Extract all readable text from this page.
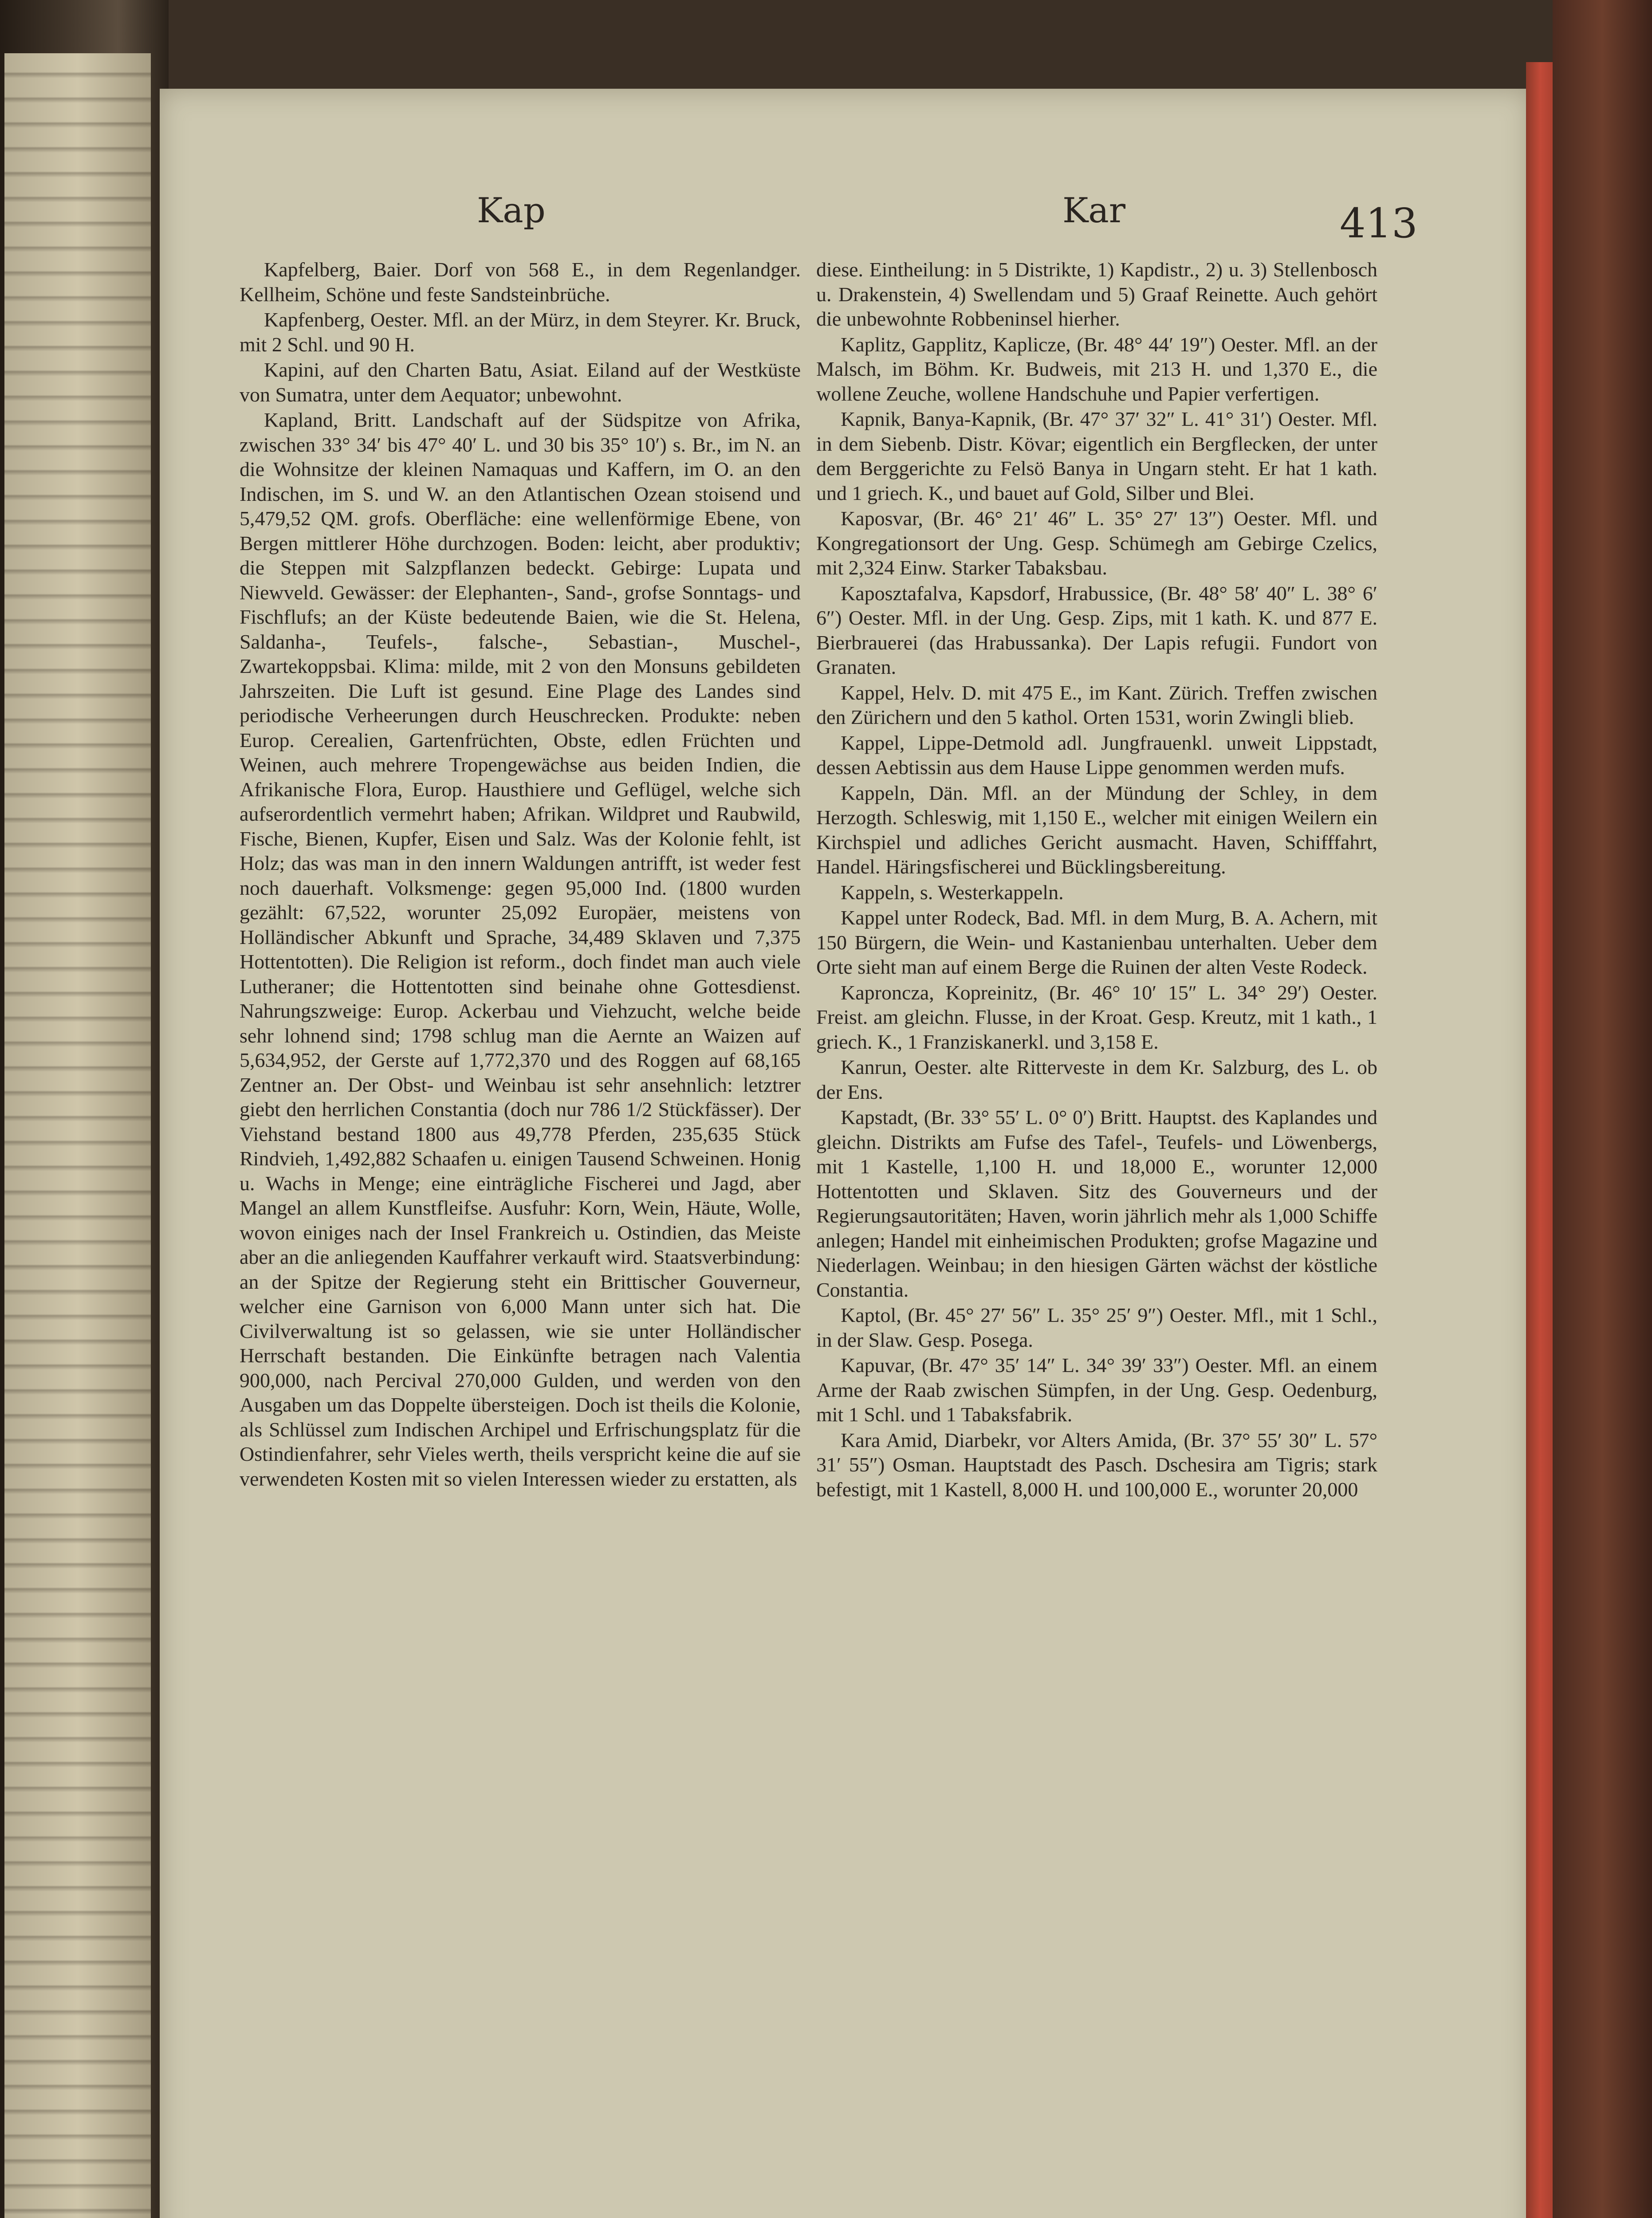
Kap	Kar	413

Kapfelberg, Baier. Dorf von 568 E., in dem Regenlandger. Kellheim, Schöne und feste Sandsteinbrüche.

Kapfenberg, Oester. Mfl. an der Mürz, in dem Steyrer. Kr. Bruck, mit 2 Schl. und 90 H.

Kapini, auf den Charten Batu, Asiat. Eiland auf der Westküste von Sumatra, unter dem Aequator; unbewohnt.

Kapland, Britt. Landschaft auf der Südspitze von Afrika, zwischen 33° 34′ bis 47° 40′ L. und 30 bis 35° 10′) s. Br., im N. an die Wohnsitze der kleinen Namaquas und Kaffern, im O. an den Indischen, im S. und W. an den Atlantischen Ozean stoisend und 5,479,52 QM. grofs. Oberfläche: eine wellenförmige Ebene, von Bergen mittlerer Höhe durchzogen. Boden: leicht, aber produktiv; die Steppen mit Salzpflanzen bedeckt. Gebirge: Lupata und Niewveld. Gewässer: der Elephanten-, Sand-, grofse Sonntags- und Fischflufs; an der Küste bedeutende Baien, wie die St. Helena, Saldanha-, Teufels-, falsche-, Sebastian-, Muschel-, Zwartekoppsbai. Klima: milde, mit 2 von den Monsuns gebildeten Jahrszeiten. Die Luft ist gesund. Eine Plage des Landes sind periodische Verheerungen durch Heuschrecken. Produkte: neben Europ. Cerealien, Gartenfrüchten, Obste, edlen Früchten und Weinen, auch mehrere Tropengewächse aus beiden Indien, die Afrikanische Flora, Europ. Hausthiere und Geflügel, welche sich aufserordentlich vermehrt haben; Afrikan. Wildpret und Raubwild, Fische, Bienen, Kupfer, Eisen und Salz. Was der Kolonie fehlt, ist Holz; das was man in den innern Waldungen antrifft, ist weder fest noch dauerhaft. Volksmenge: gegen 95,000 Ind. (1800 wurden gezählt: 67,522, worunter 25,092 Europäer, meistens von Holländischer Abkunft und Sprache, 34,489 Sklaven und 7,375 Hottentotten). Die Religion ist reform., doch findet man auch viele Lutheraner; die Hottentotten sind beinahe ohne Gottesdienst. Nahrungszweige: Europ. Ackerbau und Viehzucht, welche beide sehr lohnend sind; 1798 schlug man die Aernte an Waizen auf 5,634,952, der Gerste auf 1,772,370 und des Roggen auf 68,165 Zentner an. Der Obst- und Weinbau ist sehr ansehnlich: letztrer giebt den herrlichen Constantia (doch nur 786 1/2 Stückfässer). Der Viehstand bestand 1800 aus 49,778 Pferden, 235,635 Stück Rindvieh, 1,492,882 Schaafen u. einigen Tausend Schweinen. Honig u. Wachs in Menge; eine einträgliche Fischerei und Jagd, aber Mangel an allem Kunstfleifse. Ausfuhr: Korn, Wein, Häute, Wolle, wovon einiges nach der Insel Frankreich u. Ostindien, das Meiste aber an die anliegenden Kauffahrer verkauft wird. Staatsverbindung: an der Spitze der Regierung steht ein Brittischer Gouverneur, welcher eine Garnison von 6,000 Mann unter sich hat. Die Civilverwaltung ist so gelassen, wie sie unter Holländischer Herrschaft bestanden. Die Einkünfte betragen nach Valentia 900,000, nach Percival 270,000 Gulden, und werden von den Ausgaben um das Doppelte übersteigen. Doch ist theils die Kolonie, als Schlüssel zum Indischen Archipel und Erfrischungsplatz für die Ostindienfahrer, sehr Vieles werth, theils verspricht keine die auf sie verwendeten Kosten mit so vielen Interessen wieder zu erstatten, als

diese. Eintheilung: in 5 Distrikte, 1) Kapdistr., 2) u. 3) Stellenbosch u. Drakenstein, 4) Swellendam und 5) Graaf Reinette. Auch gehört die unbewohnte Robbeninsel hierher.

Kaplitz, Gapplitz, Kaplicze, (Br. 48° 44′ 19″) Oester. Mfl. an der Malsch, im Böhm. Kr. Budweis, mit 213 H. und 1,370 E., die wollene Zeuche, wollene Handschuhe und Papier verfertigen.

Kapnik, Banya-Kapnik, (Br. 47° 37′ 32″ L. 41° 31′) Oester. Mfl. in dem Siebenb. Distr. Kövar; eigentlich ein Bergflecken, der unter dem Berggerichte zu Felsö Banya in Ungarn steht. Er hat 1 kath. und 1 griech. K., und bauet auf Gold, Silber und Blei.

Kaposvar, (Br. 46° 21′ 46″ L. 35° 27′ 13″) Oester. Mfl. und Kongregationsort der Ung. Gesp. Schümegh am Gebirge Czelics, mit 2,324 Einw. Starker Tabaksbau.

Kaposztafalva, Kapsdorf, Hrabussice, (Br. 48° 58′ 40″ L. 38° 6′ 6″) Oester. Mfl. in der Ung. Gesp. Zips, mit 1 kath. K. und 877 E. Bierbrauerei (das Hrabussanka). Der Lapis refugii. Fundort von Granaten.

Kappel, Helv. D. mit 475 E., im Kant. Zürich. Treffen zwischen den Zürichern und den 5 kathol. Orten 1531, worin Zwingli blieb.

Kappel, Lippe-Detmold adl. Jungfrauenkl. unweit Lippstadt, dessen Aebtissin aus dem Hause Lippe genommen werden mufs.

Kappeln, Dän. Mfl. an der Mündung der Schley, in dem Herzogth. Schleswig, mit 1,150 E., welcher mit einigen Weilern ein Kirchspiel und adliches Gericht ausmacht. Haven, Schifffahrt, Handel. Häringsfischerei und Bücklingsbereitung.

Kappeln, s. Westerkappeln.

Kappel unter Rodeck, Bad. Mfl. in dem Murg, B. A. Achern, mit 150 Bürgern, die Wein- und Kastanienbau unterhalten. Ueber dem Orte sieht man auf einem Berge die Ruinen der alten Veste Rodeck.

Kapronczа, Kopreinitz, (Br. 46° 10′ 15″ L. 34° 29′) Oester. Freist. am gleichn. Flusse, in der Kroat. Gesp. Kreutz, mit 1 kath., 1 griech. K., 1 Franziskanerkl. und 3,158 E.

Kanrun, Oester. alte Ritterveste in dem Kr. Salzburg, des L. ob der Ens.

Kapstadt, (Br. 33° 55′ L. 0° 0′) Britt. Hauptst. des Kaplandes und gleichn. Distrikts am Fufse des Tafel-, Teufels- und Löwenbergs, mit 1 Kastelle, 1,100 H. und 18,000 E., worunter 12,000 Hottentotten und Sklaven. Sitz des Gouverneurs und der Regierungsautoritäten; Haven, worin jährlich mehr als 1,000 Schiffe anlegen; Handel mit einheimischen Produkten; grofse Magazine und Niederlagen. Weinbau; in den hiesigen Gärten wächst der köstliche Constantia.

Kaptol, (Br. 45° 27′ 56″ L. 35° 25′ 9″) Oester. Mfl., mit 1 Schl., in der Slaw. Gesp. Posega.

Kapuvar, (Br. 47° 35′ 14″ L. 34° 39′ 33″) Oester. Mfl. an einem Arme der Raab zwischen Sümpfen, in der Ung. Gesp. Oedenburg, mit 1 Schl. und 1 Tabaksfabrik.

Kara Amid, Diarbekr, vor Alters Amida, (Br. 37° 55′ 30″ L. 57° 31′ 55″) Osman. Hauptstadt des Pasch. Dschesira am Tigris; stark befestigt, mit 1 Kastell, 8,000 H. und 100,000 E., worunter 20,000
